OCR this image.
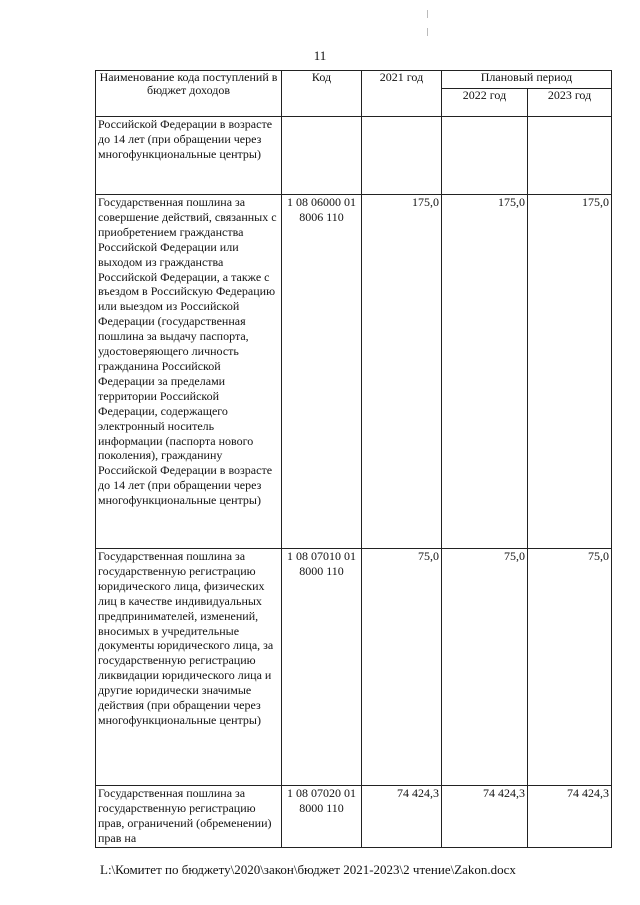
11
Наименование кода поступлений в бюджет доходов	Код	2021 год	Плановый период	
			2022 год	2023 год
Российской Федерации в возрасте до 14 лет (при обращении через многофункциональные центры)				
Государственная пошлина за совершение действий, связанных с приобретением гражданства Российской Федерации или выходом из гражданства Российской Федерации, а также с въездом в Российскую Федерацию или выездом из Российской Федерации (государственная пошлина за выдачу паспорта, удостоверяющего личность гражданина Российской Федерации за пределами территории Российской Федерации, содержащего электронный носитель информации (паспорта нового поколения), гражданину Российской Федерации в возрасте до 14 лет (при обращении через многофункциональные центры)	1 08 06000 01 8006 110	175,0	175,0	175,0
Государственная пошлина за государственную регистрацию юридического лица, физических лиц в качестве индивидуальных предпринимателей, изменений, вносимых в учредительные документы юридического лица, за государственную регистрацию ликвидации юридического лица и другие юридически значимые действия (при обращении через многофункциональные центры)	1 08 07010 01 8000 110	75,0	75,0	75,0
Государственная пошлина за государственную регистрацию прав, ограничений (обременении) прав на	1 08 07020 01 8000 110	74 424,3	74 424,3	74 424,3
L:\Комитет по бюджету\2020\закон\бюджет 2021-2023\2 чтение\Zakon.docx
